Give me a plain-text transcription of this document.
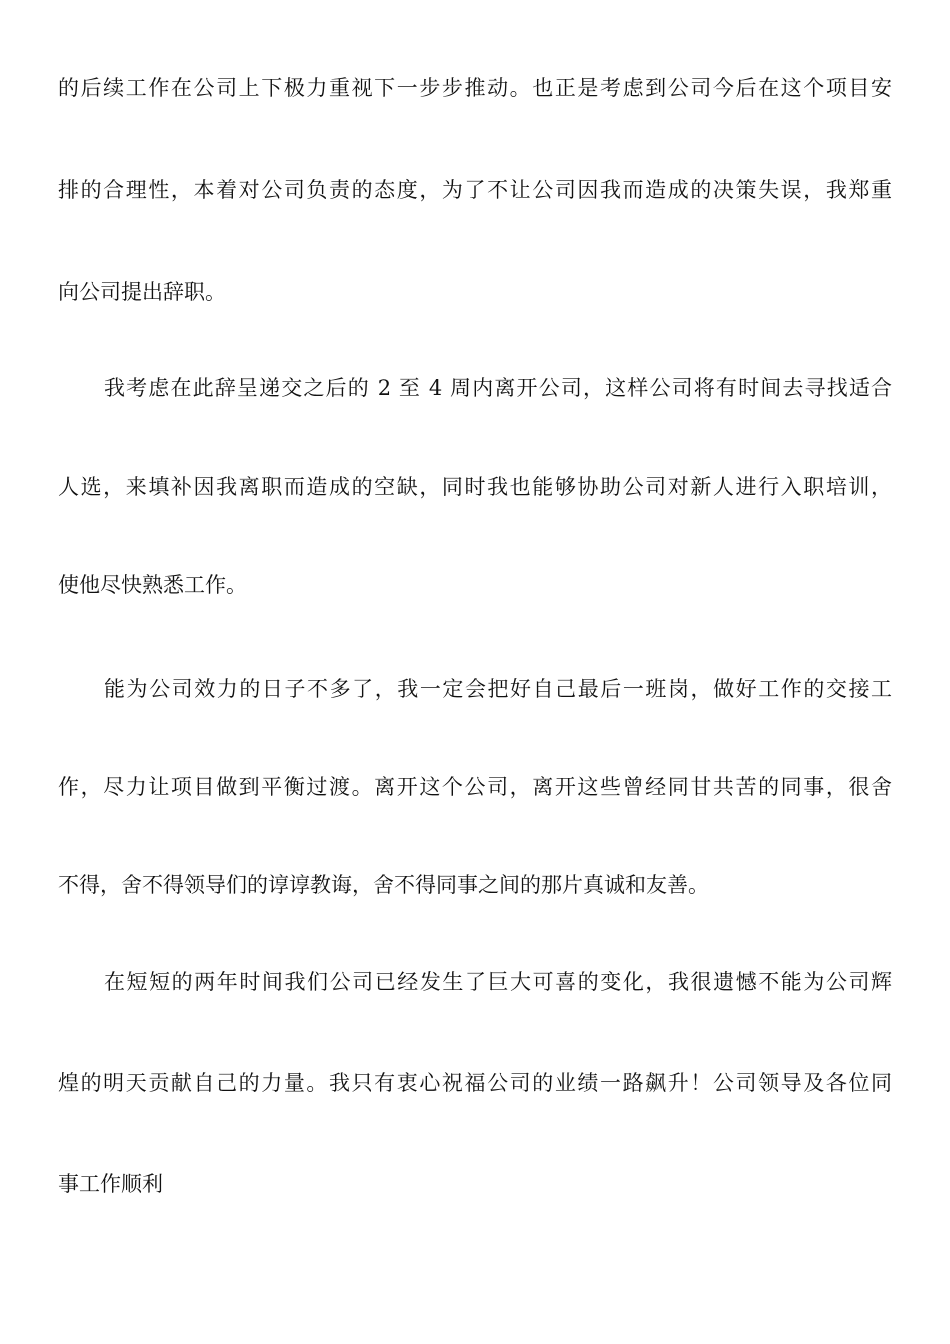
的后续工作在公司上下极力重视下一步步推动。也正是考虑到公司今后在这个项目安
排的合理性，本着对公司负责的态度，为了不让公司因我而造成的决策失误，我郑重
向公司提出辞职。
我考虑在此辞呈递交之后的 2 至 4 周内离开公司，这样公司将有时间去寻找适合
人选，来填补因我离职而造成的空缺，同时我也能够协助公司对新人进行入职培训，
使他尽快熟悉工作。
能为公司效力的日子不多了，我一定会把好自己最后一班岗，做好工作的交接工
作，尽力让项目做到平衡过渡。离开这个公司，离开这些曾经同甘共苦的同事，很舍
不得，舍不得领导们的谆谆教诲，舍不得同事之间的那片真诚和友善。
在短短的两年时间我们公司已经发生了巨大可喜的变化，我很遗憾不能为公司辉
煌的明天贡献自己的力量。我只有衷心祝福公司的业绩一路飙升！公司领导及各位同
事工作顺利
